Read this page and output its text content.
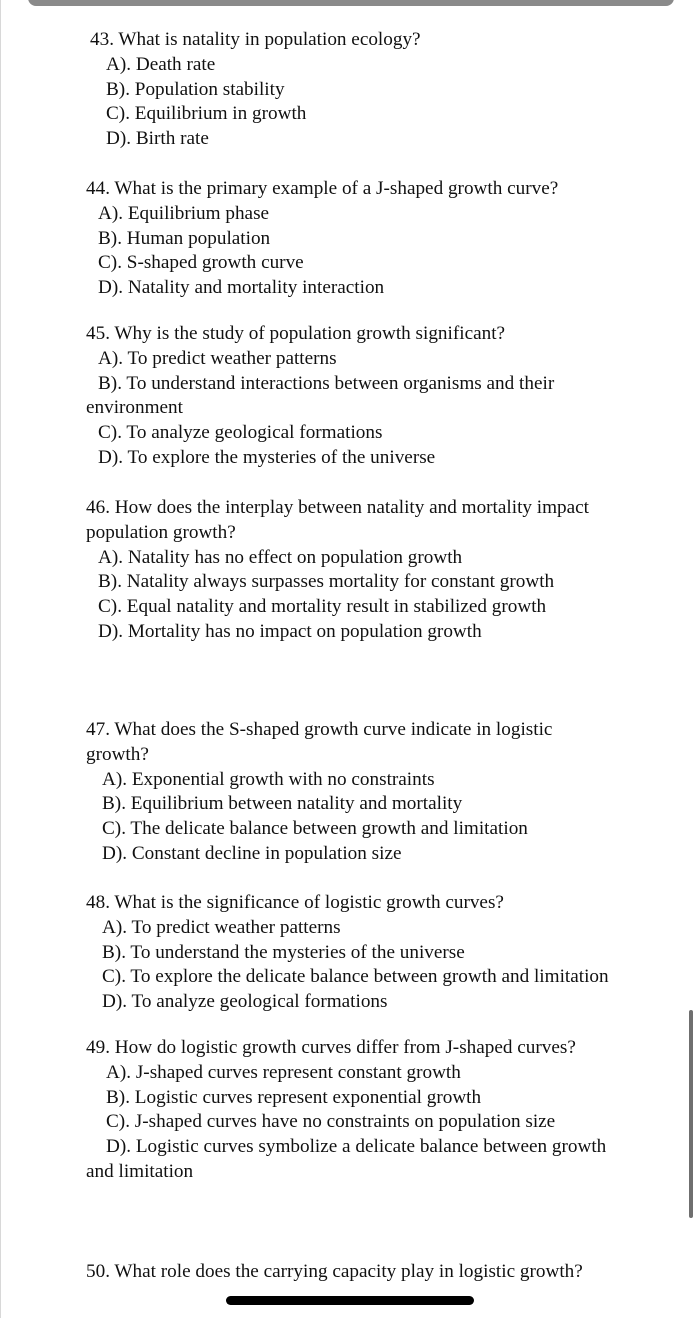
43. What is natality in population ecology?

A). Death rate

B). Population stability

C). Equilibrium in growth

D). Birth rate

44. What is the primary example of a J-shaped growth curve?

A). Equilibrium phase

B). Human population

C). S-shaped growth curve

D). Natality and mortality interaction

45. Why is the study of population growth significant?

A). To predict weather patterns

B). To understand interactions between organisms and their environment

C). To analyze geological formations

D). To explore the mysteries of the universe

46. How does the interplay between natality and mortality impact population growth?

A). Natality has no effect on population growth

B). Natality always surpasses mortality for constant growth

C). Equal natality and mortality result in stabilized growth

D). Mortality has no impact on population growth

47. What does the S-shaped growth curve indicate in logistic growth?

A). Exponential growth with no constraints

B). Equilibrium between natality and mortality

C). The delicate balance between growth and limitation

D). Constant decline in population size

48. What is the significance of logistic growth curves?

A). To predict weather patterns

B). To understand the mysteries of the universe

C). To explore the delicate balance between growth and limitation

D). To analyze geological formations

49. How do logistic growth curves differ from J-shaped curves?

A). J-shaped curves represent constant growth

B). Logistic curves represent exponential growth

C). J-shaped curves have no constraints on population size

D). Logistic curves symbolize a delicate balance between growth and limitation

50. What role does the carrying capacity play in logistic growth?
